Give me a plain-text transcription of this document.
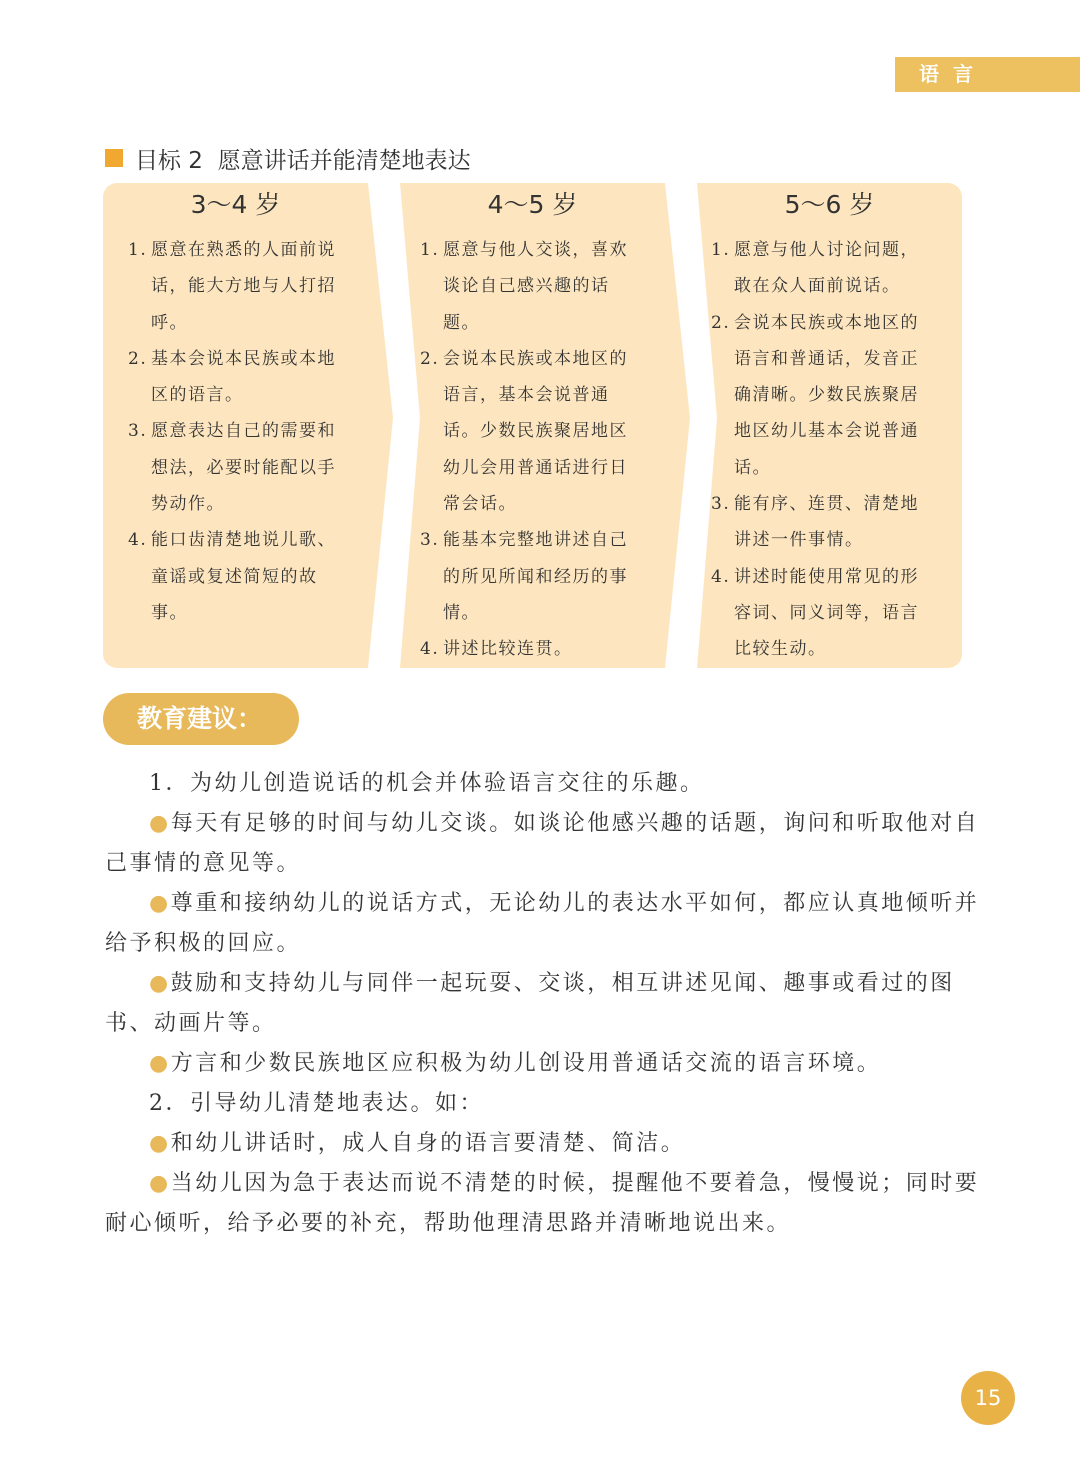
语言
目标 2  愿意讲话并能清楚地表达
3～4 岁	4～5 岁	5～6 岁
1. 愿意在熟悉的人面前说话，能大方地与人打招呼。
2. 基本会说本民族或本地区的语言。
3. 愿意表达自己的需要和想法，必要时能配以手势动作。
4. 能口齿清楚地说儿歌、童谣或复述简短的故事。
1. 愿意与他人交谈，喜欢谈论自己感兴趣的话题。
2. 会说本民族或本地区的语言，基本会说普通话。少数民族聚居地区幼儿会用普通话进行日常会话。
3. 能基本完整地讲述自己的所见所闻和经历的事情。
4. 讲述比较连贯。
1. 愿意与他人讨论问题，敢在众人面前说话。
2. 会说本民族或本地区的语言和普通话，发音正确清晰。少数民族聚居地区幼儿基本会说普通话。
3. 能有序、连贯、清楚地讲述一件事情。
4. 讲述时能使用常见的形容词、同义词等，语言比较生动。
教育建议：

1．为幼儿创造说话的机会并体验语言交往的乐趣。

●每天有足够的时间与幼儿交谈。如谈论他感兴趣的话题，询问和听取他对自己事情的意见等。

●尊重和接纳幼儿的说话方式，无论幼儿的表达水平如何，都应认真地倾听并给予积极的回应。

●鼓励和支持幼儿与同伴一起玩耍、交谈，相互讲述见闻、趣事或看过的图书、动画片等。

●方言和少数民族地区应积极为幼儿创设用普通话交流的语言环境。

2．引导幼儿清楚地表达。如：

●和幼儿讲话时，成人自身的语言要清楚、简洁。

●当幼儿因为急于表达而说不清楚的时候，提醒他不要着急，慢慢说；同时要耐心倾听，给予必要的补充，帮助他理清思路并清晰地说出来。

15
